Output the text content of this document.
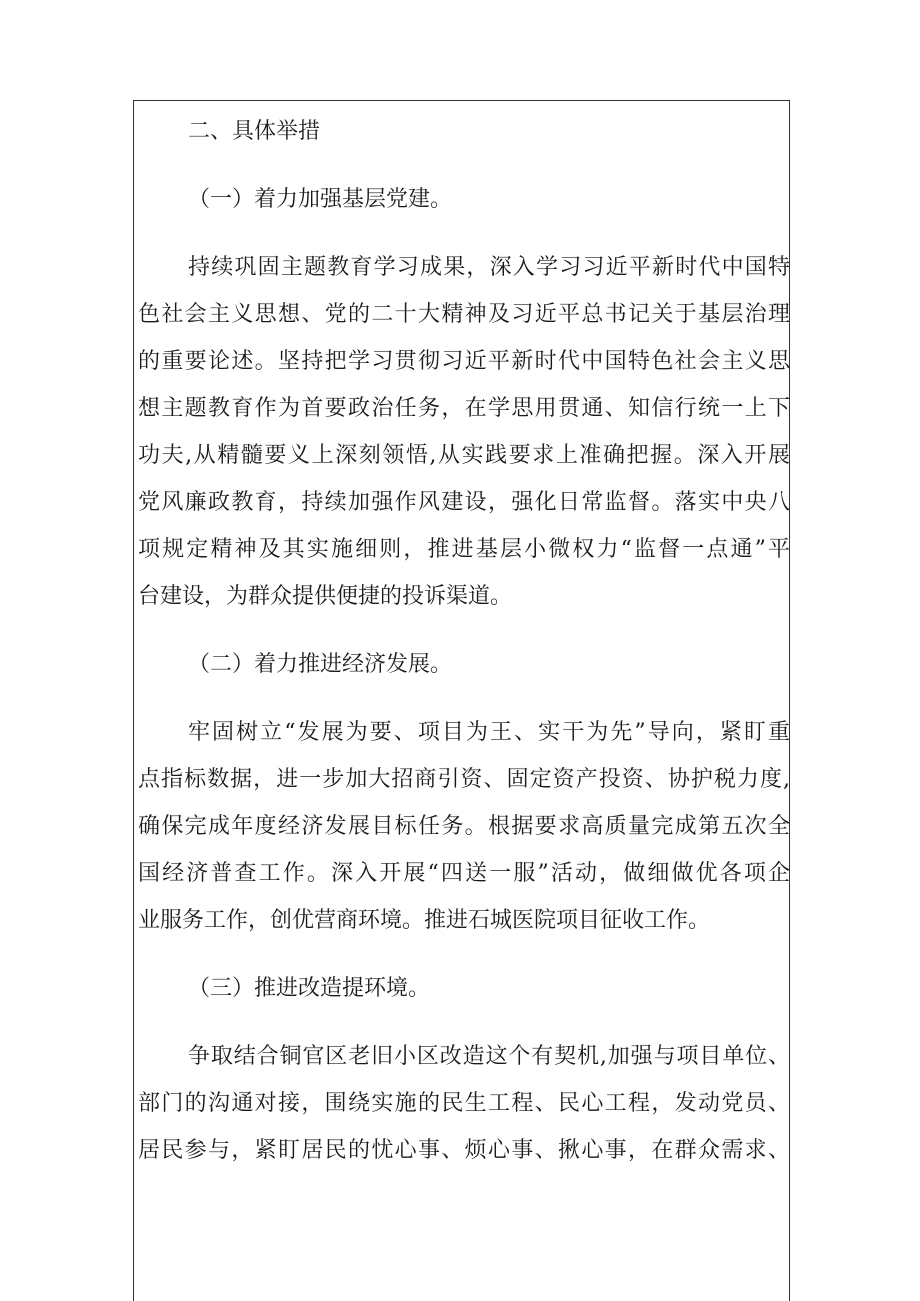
二、具体举措
（一）着力加强基层党建。
持续巩固主题教育学习成果，深入学习习近平新时代中国特
色社会主义思想、党的二十大精神及习近平总书记关于基层治理
的重要论述。坚持把学习贯彻习近平新时代中国特色社会主义思
想主题教育作为首要政治任务，在学思用贯通、知信行统一上下
功夫,从精髓要义上深刻领悟,从实践要求上准确把握。深入开展
党风廉政教育，持续加强作风建设，强化日常监督。落实中央八
项规定精神及其实施细则，推进基层小微权力“监督一点通”平
台建设，为群众提供便捷的投诉渠道。
（二）着力推进经济发展。
牢固树立“发展为要、项目为王、实干为先”导向，紧盯重
点指标数据，进一步加大招商引资、固定资产投资、协护税力度,
确保完成年度经济发展目标任务。根据要求高质量完成第五次全
国经济普查工作。深入开展“四送一服”活动，做细做优各项企
业服务工作，创优营商环境。推进石城医院项目征收工作。
（三）推进改造提环境。
争取结合铜官区老旧小区改造这个有契机,加强与项目单位、
部门的沟通对接，围绕实施的民生工程、民心工程，发动党员、
居民参与，紧盯居民的忧心事、烦心事、揪心事，在群众需求、
